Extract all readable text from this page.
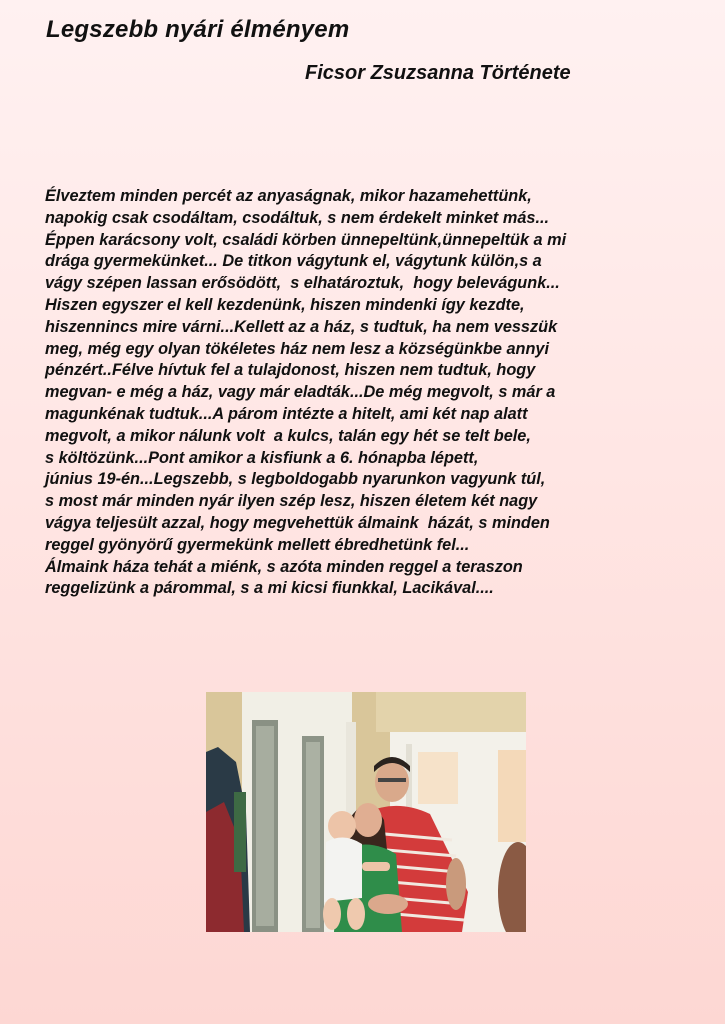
Legszebb nyári élményem
Ficsor Zsuzsanna Története
Élveztem minden percét az anyaságnak, mikor hazamehettünk,
napokig csak csodáltam, csodáltuk, s nem érdekelt minket más...
Éppen karácsony volt, családi körben ünnepeltünk,ünnepeltük a mi
drága gyermekünket... De titkon vágytunk el, vágytunk külön,s a
vágy szépen lassan erősödött,  s elhatároztuk,  hogy belevágunk...
Hiszen egyszer el kell kezdenünk, hiszen mindenki így kezdte,
hiszennincs mire várni...Kellett az a ház, s tudtuk, ha nem vesszük
meg, még egy olyan tökéletes ház nem lesz a községünkbe annyi
pénzért..Félve hívtuk fel a tulajdonost, hiszen nem tudtuk, hogy
megvan- e még a ház, vagy már eladták...De még megvolt, s már a
magunkénak tudtuk...A párom intézte a hitelt, ami két nap alatt
megvolt, a mikor nálunk volt  a kulcs, talán egy hét se telt bele,
s költözünk...Pont amikor a kisfiunk a 6. hónapba lépett,
június 19-én...Legszebb, s legboldogabb nyarunkon vagyunk túl,
s most már minden nyár ilyen szép lesz, hiszen életem két nagy
vágya teljesült azzal, hogy megvehettük álmaink  házát, s minden
reggel gyönyörű gyermekünk mellett ébredhetünk fel...
Álmaink háza tehát a miénk, s azóta minden reggel a teraszon
reggelizünk a párommal, s a mi kicsi fiunkkal, Lacikával....
